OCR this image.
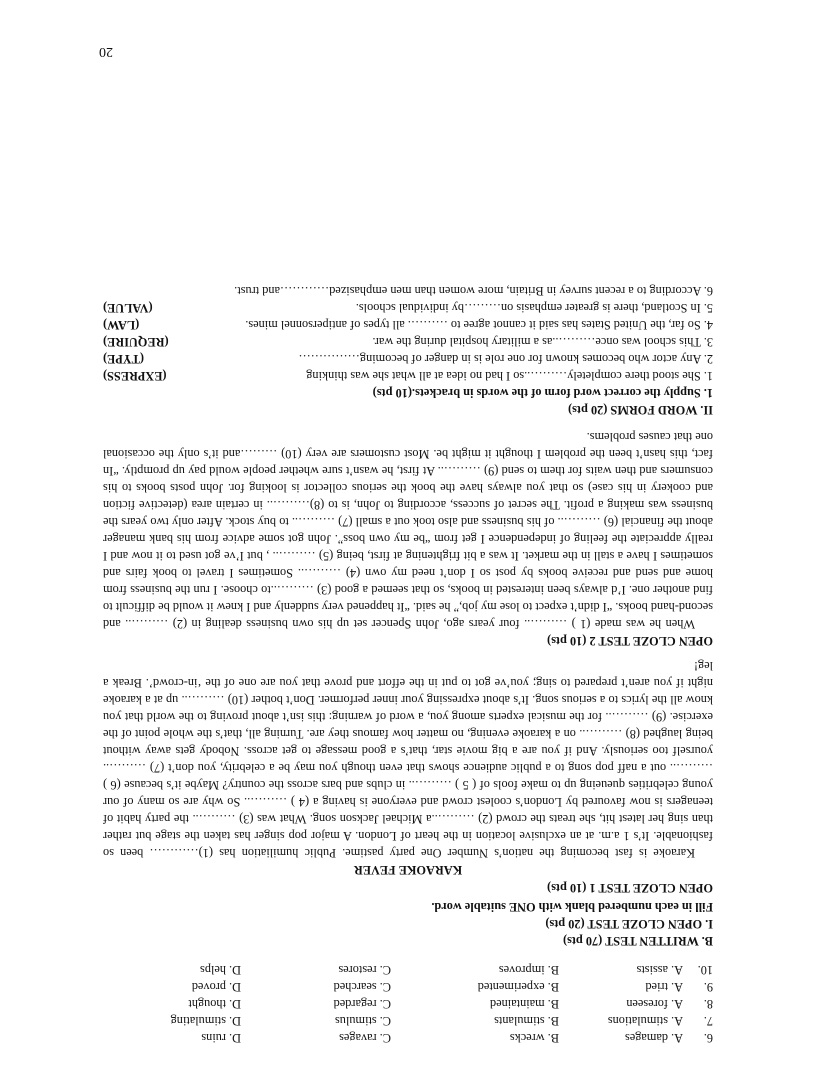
6.
A. damages
B. wrecks
C. ravages
D. ruins
7.
A. stimulations
B. stimulants
C. stimulus
D. stimulating
8.
A. foreseen
B. maintained
C. regarded
D. thought
9.
A. tried
B. experimented
C. searched
D. proved
10.
A. assists
B. improves
C. restores
D. helps
B. WRITTEN TEST (70 pts)
I. OPEN CLOZE TEST (20 pts)
Fill in each numbered blank with ONE suitable word.
OPEN CLOZE TEST 1 (10 pts)
KARAOKE FEVER

Karaoke is fast becoming the nation’s Number One party pastime. Public humiliation has (1)………… been so fashionable. It’s 1 a.m. at an exclusive location in the heart of London. A major pop singer has taken the stage but rather than sing her latest hit, she treats the crowd (2) ………..a Michael Jackson song. What was (3) ……….. the party habit of teenagers is now favoured by London’s coolest crowd and everyone is having a (4 ) ……….. So why are so many of our young celebrities queueing up to make fools of ( 5 ) ……….. in clubs and bars across the country? Maybe it’s because (6 ) ……….. out a naff pop song to a public audience shows that even though you may be a celebrity, you don’t (7) ……….. yourself too seriously. And if you are a big movie star, that’s a good message to get across. Nobody gets away without being laughed (8) ……….. on a karaoke evening, no matter how famous they are. Turning all, that’s the whole point of the exercise. (9) ……….. for the musical experts among you, a word of warning: this isn’t about proving to the world that you know all the lyrics to a serious song. It’s about expressing your inner performer. Don’t bother (10) ……….. up at a karaoke night if you aren’t prepared to sing; you’ve got to put in the effort and prove that you are one of the ‘in-crowd’. Break a leg!

OPEN CLOZE TEST 2 (10 pts)

When he was made (1 ) ……….. four years ago, John Spencer set up his own business dealing in (2) ……….. and second-hand books. “I didn’t expect to lose my job,” he said. “It happened very suddenly and I knew it would be difficult to find another one. I’d always been interested in books, so that seemed a good (3) ………..to choose. I run the business from home and send and receive books by post so I don’t need my own (4) ……….. Sometimes I travel to book fairs and sometimes I have a stall in the market. It was a bit frightening at first, being (5) ……….. , but I’ve got used to it now and I really appreciate the feeling of independence I get from “be my own boss”. John got some advice from his bank manager about the financial (6) ……….. of his business and also took out a small (7) ……….. to buy stock. After only two years the business was making a profit. The secret of success, according to John, is to (8)……….. in certain area (detective fiction and cookery in his case) so that you always have the book the serious collector is looking for. John posts books to his consumers and then waits for them to send (9) ……….. At first, he wasn’t sure whether people would pay up promptly. “In fact, this hasn’t been the problem I thought it might be. Most customers are very (10) ………and it’s only the occasional one that causes problems.

II. WORD FORMS (20 pts)
1. Supply the correct word form of the words in brackets.(10 pts)
1. She stood there completely………..so I had no idea at all what she was thinking
(EXPRESS)
2. Any actor who becomes known for one role is in danger of becoming……………
(TYPE)
3. This school was once………..as a military hospital during the war.
(REQUIRE)
4. So far, the United States has said it cannot agree to ………. all types of antipersonnel mines.
(LAW)
5. In Scotland, there is greater emphasis on………by individual schools.
(VALUE)
6. According to a recent survey in Britain, more women than men emphasized…………and trust.
20
